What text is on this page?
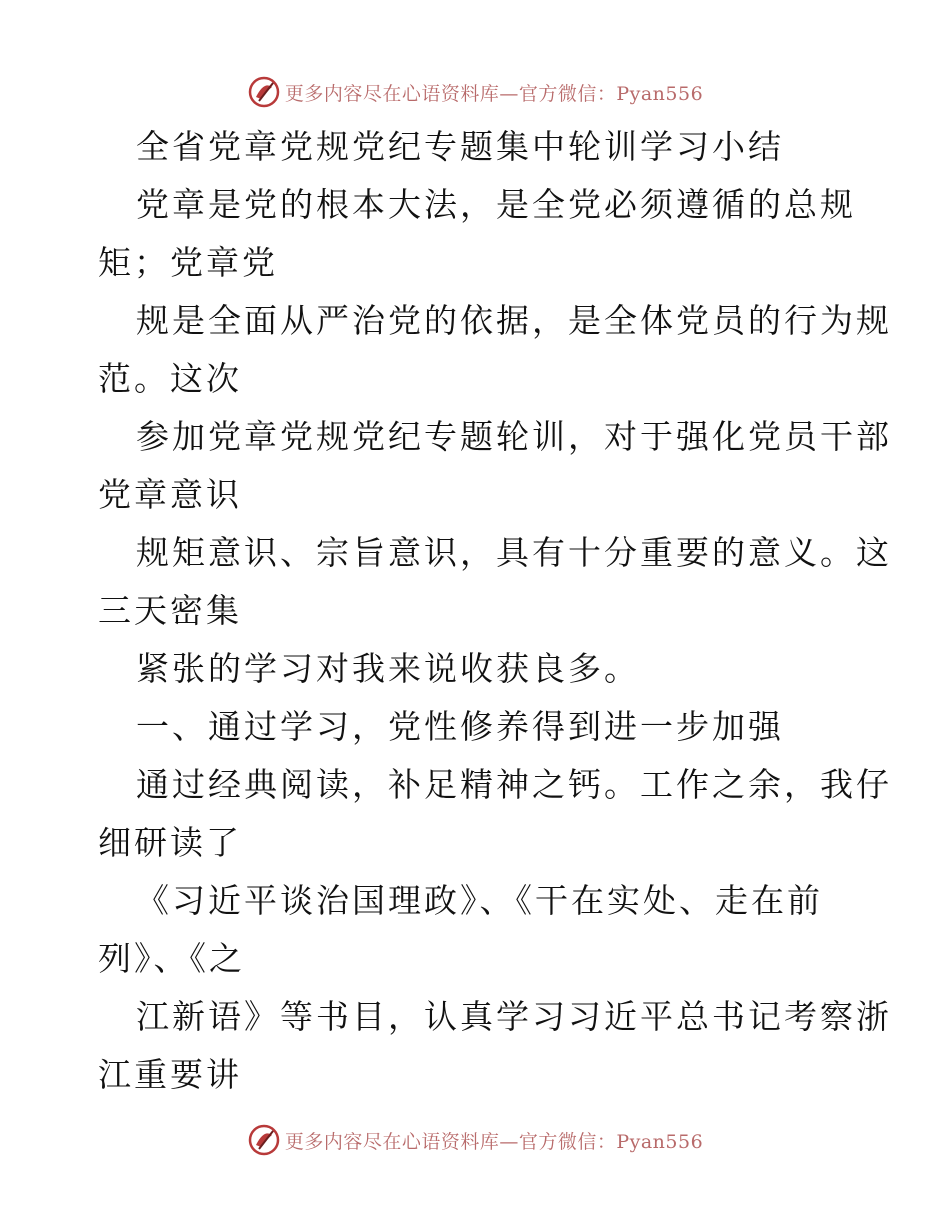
更多内容尽在心语资料库—官方微信：Pyan556
全省党章党规党纪专题集中轮训学习小结
党章是党的根本大法，是全党必须遵循的总规
矩；党章党
规是全面从严治党的依据，是全体党员的行为规
范。这次
参加党章党规党纪专题轮训，对于强化党员干部
党章意识
规矩意识、宗旨意识，具有十分重要的意义。这
三天密集
紧张的学习对我来说收获良多。
一、通过学习，党性修养得到进一步加强
通过经典阅读，补足精神之钙。工作之余，我仔
细研读了
《习近平谈治国理政》、《干在实处、走在前
列》、《之
江新语》等书目，认真学习习近平总书记考察浙
江重要讲
更多内容尽在心语资料库—官方微信：Pyan556
